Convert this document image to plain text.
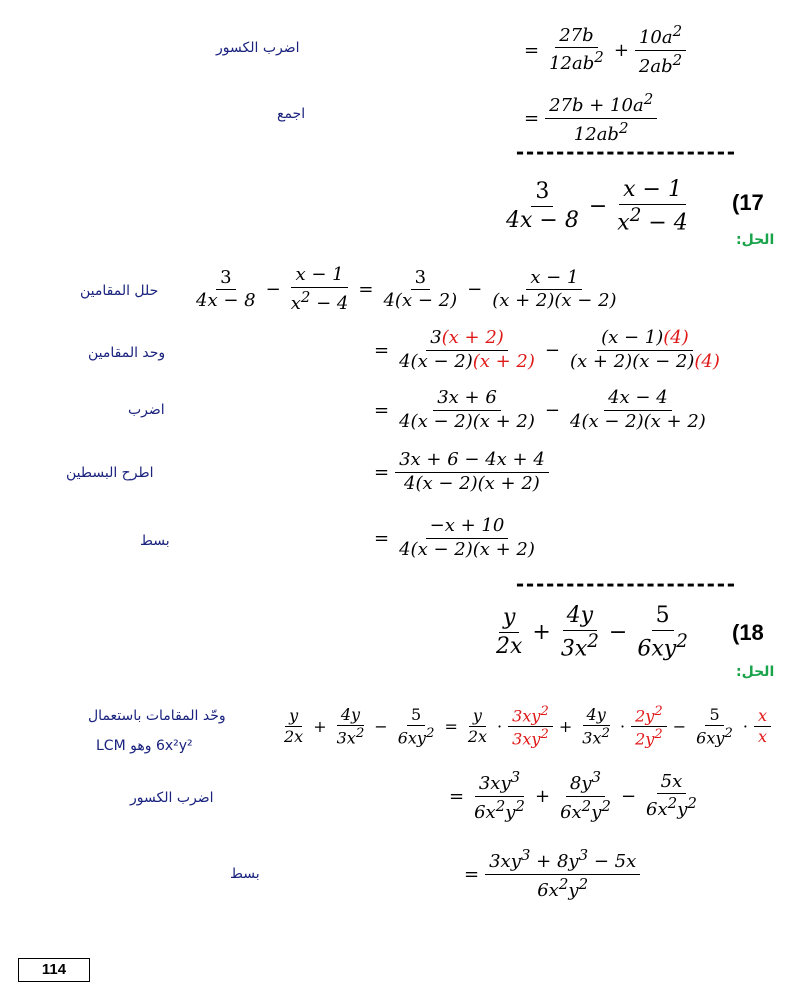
اضرب الكسور	= $\frac{27b}{12ab^2} + \frac{10a^2}{2ab^2}$
اجمع	= $\frac{27b + 10a^2}{12ab^2}$
----------------------
$\frac{3}{4x - 8} - \frac{x - 1}{x^2 - 4} (17$
الحل:
حلل المقامين $\frac{3}{4x - 8} - \frac{x - 1}{x^2 - 4} = \frac{3}{4(x - 2)} - \frac{x - 1}{(x + 2)(x - 2)}$
وحد المقامين	= $\frac{3(x + 2)}{4(x - 2)(x + 2)} - \frac{(x - 1)(4)}{(x + 2)(x - 2)(4)}$
اضرب	= $\frac{3x + 6}{4(x - 2)(x + 2)} - \frac{4x - 4}{4(x - 2)(x + 2)}$
اطرح البسطين	= $\frac{3x + 6 - 4x + 4}{4(x - 2)(x + 2)}$
بسط	= $\frac{-x + 10}{4(x - 2)(x + 2)}$
----------------------
$\frac{y}{2x} + \frac{4y}{3x^2} - \frac{5}{6xy^2} (18$
الحل:
وحّد المقامات باستعمال
6x²y² وهو LCM	$\frac{y}{2x} + \frac{4y}{3x^2} - \frac{5}{6xy^2} = \frac{y}{2x} \cdot \frac{3xy^2}{3xy^2} + \frac{4y}{3x^2} \cdot \frac{2y^2}{2y^2} - \frac{5}{6xy^2} \cdot \frac{x}{x}$
اضرب الكسور	= $\frac{3xy^3}{6x^2y^2} + \frac{8y^3}{6x^2y^2} - \frac{5x}{6x^2y^2}$
بسط	= $\frac{3xy^3 + 8y^3 - 5x}{6x^2y^2}$
114
